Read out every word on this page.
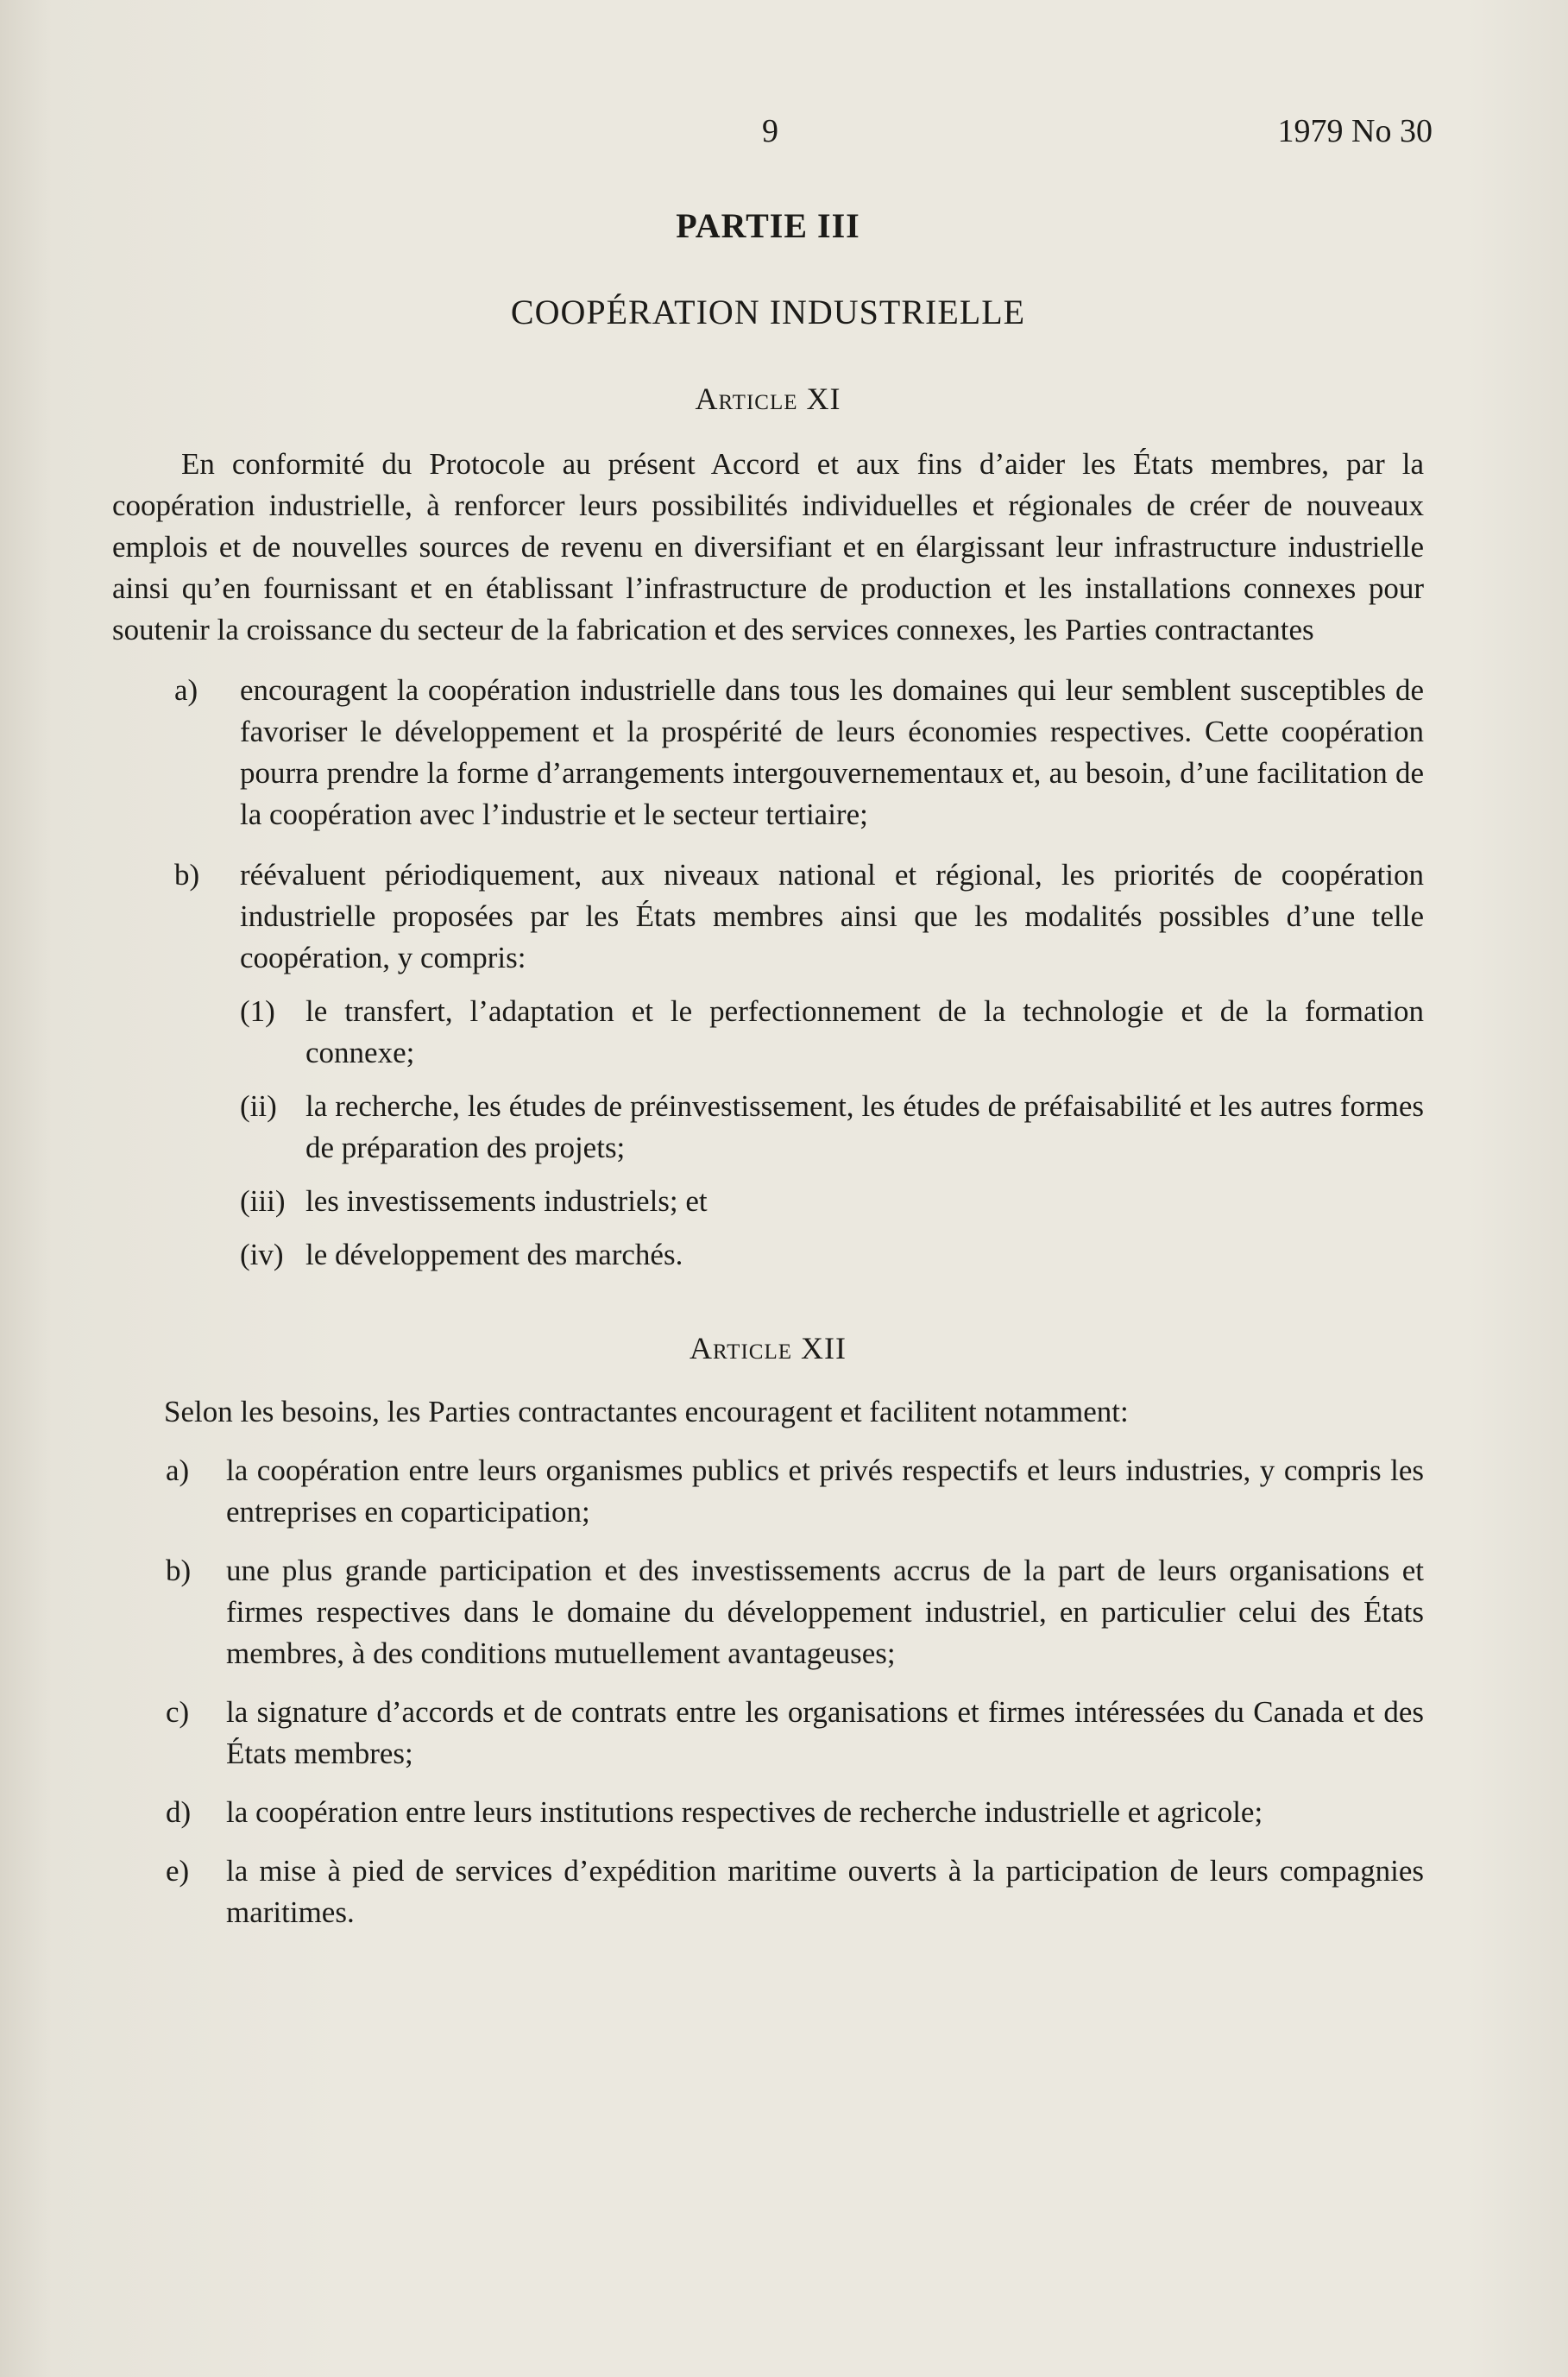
9	1979 No 30
PARTIE III
COOPÉRATION INDUSTRIELLE
Article XI

En conformité du Protocole au présent Accord et aux fins d’aider les États membres, par la coopération industrielle, à renforcer leurs possibilités individuelles et régionales de créer de nouveaux emplois et de nouvelles sources de revenu en diversifiant et en élargissant leur infrastructure industrielle ainsi qu’en fournissant et en établissant l’infrastructure de production et les installations connexes pour soutenir la croissance du secteur de la fabrication et des services connexes, les Parties contractantes

a) encouragent la coopération industrielle dans tous les domaines qui leur semblent susceptibles de favoriser le développement et la prospérité de leurs économies respectives. Cette coopération pourra prendre la forme d’arrangements intergouvernementaux et, au besoin, d’une facilitation de la coopération avec l’industrie et le secteur tertiaire;
b) réévaluent périodiquement, aux niveaux national et régional, les priorités de coopération industrielle proposées par les États membres ainsi que les modalités possibles d’une telle coopération, y compris:
(1) le transfert, l’adaptation et le perfectionnement de la technologie et de la formation connexe;
(ii) la recherche, les études de préinvestissement, les études de préfaisabilité et les autres formes de préparation des projets;
(iii) les investissements industriels; et
(iv) le développement des marchés.
Article XII

Selon les besoins, les Parties contractantes encouragent et facilitent notamment:

a) la coopération entre leurs organismes publics et privés respectifs et leurs industries, y compris les entreprises en coparticipation;
b) une plus grande participation et des investissements accrus de la part de leurs organisations et firmes respectives dans le domaine du développement industriel, en particulier celui des États membres, à des conditions mutuellement avantageuses;
c) la signature d’accords et de contrats entre les organisations et firmes intéressées du Canada et des États membres;
d) la coopération entre leurs institutions respectives de recherche industrielle et agricole;
e) la mise à pied de services d’expédition maritime ouverts à la participation de leurs compagnies maritimes.
